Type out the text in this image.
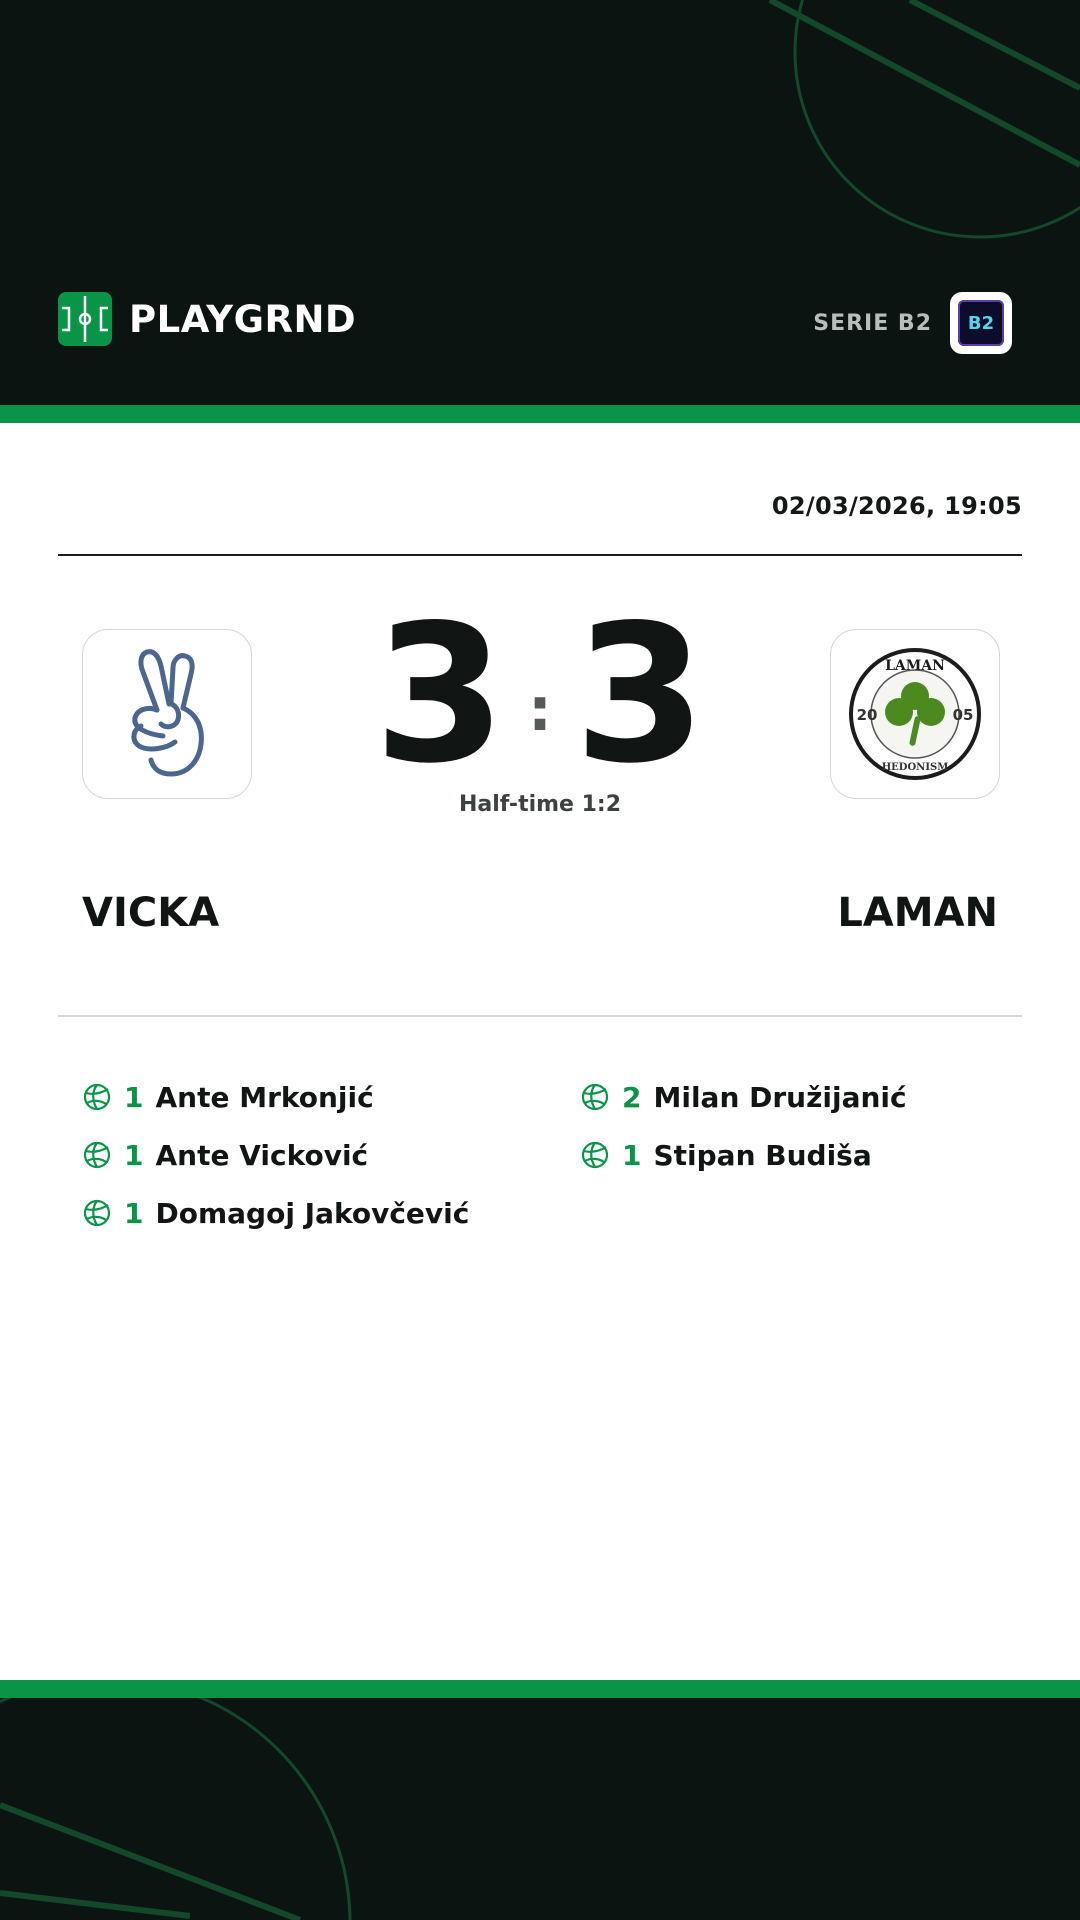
PLAYGRND	SERIE B2 B2
02/03/2026, 19:05
LAMAN
20	05
HEDONISM
3 : 3
Half-time 1:2
VICKA	LAMAN
1 Ante Mrkonjić
1 Ante Vicković
1 Domagoj Jakovčević
2 Milan Družijanić
1 Stipan Budiša
